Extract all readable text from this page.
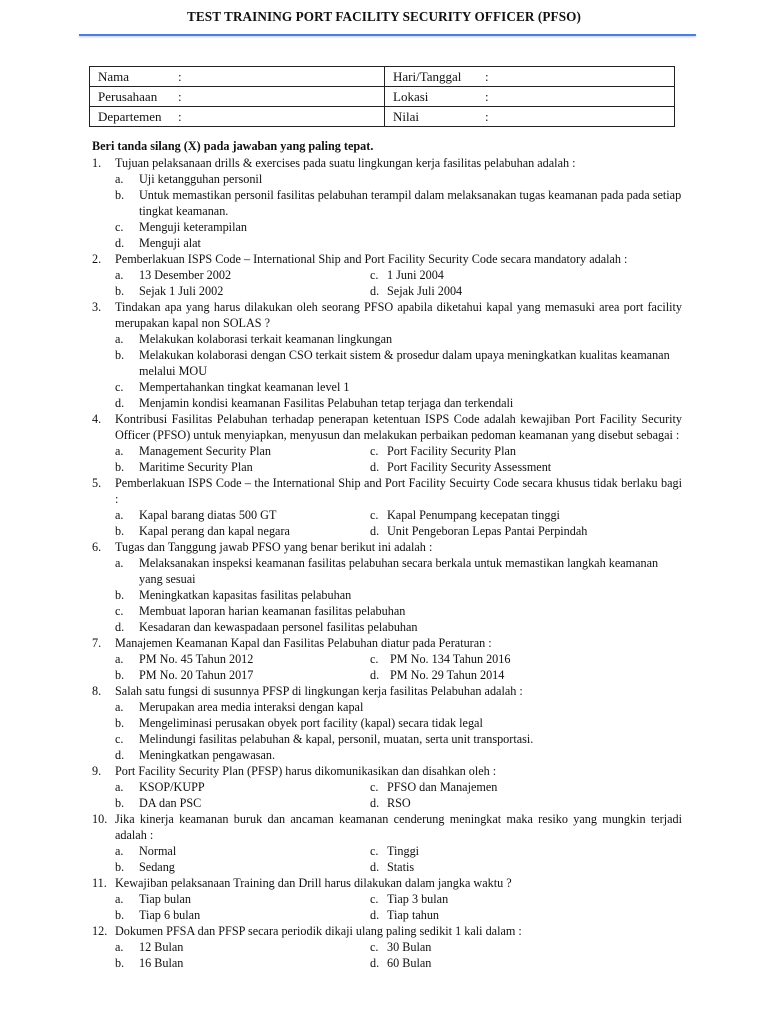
TEST TRAINING PORT FACILITY SECURITY OFFICER (PFSO)
Nama :	Hari/Tanggal :
Perusahaan :	Lokasi :
Departemen :	Nilai :
Beri tanda silang (X) pada jawaban yang paling tepat.
1. Tujuan pelaksanaan drills & exercises pada suatu lingkungan kerja fasilitas pelabuhan adalah :
a. Uji ketangguhan personil
b. Untuk memastikan personil fasilitas pelabuhan terampil dalam melaksanakan tugas keamanan pada pada setiap tingkat keamanan.
c. Menguji keterampilan
d. Menguji alat
2. Pemberlakuan ISPS Code – International Ship and Port Facility Security Code secara mandatory adalah :
a. 13 Desember 2002	c. 1 Juni 2004
b. Sejak 1 Juli 2002	d. Sejak Juli 2004
3. Tindakan apa yang harus dilakukan oleh seorang PFSO apabila diketahui kapal yang memasuki area port facility merupakan kapal non SOLAS ?
a. Melakukan kolaborasi terkait keamanan lingkungan
b. Melakukan kolaborasi dengan CSO terkait sistem & prosedur dalam upaya meningkatkan kualitas keamanan melalui MOU
c. Mempertahankan tingkat keamanan level 1
d. Menjamin kondisi keamanan Fasilitas Pelabuhan tetap terjaga dan terkendali
4. Kontribusi Fasilitas Pelabuhan terhadap penerapan ketentuan ISPS Code adalah kewajiban Port Facility Security Officer (PFSO) untuk menyiapkan, menyusun dan melakukan perbaikan pedoman keamanan yang disebut sebagai :
a. Management Security Plan	c. Port Facility Security Plan
b. Maritime Security Plan	d. Port Facility Security Assessment
5. Pemberlakuan ISPS Code – the International Ship and Port Facility Secuirty Code secara khusus tidak berlaku bagi :
a. Kapal barang diatas 500 GT	c. Kapal Penumpang kecepatan tinggi
b. Kapal perang dan kapal negara	d. Unit Pengeboran Lepas Pantai Perpindah
6. Tugas dan Tanggung jawab PFSO yang benar berikut ini adalah :
a. Melaksanakan inspeksi keamanan fasilitas pelabuhan secara berkala untuk memastikan langkah keamanan yang sesuai
b. Meningkatkan kapasitas fasilitas pelabuhan
c. Membuat laporan harian keamanan fasilitas pelabuhan
d. Kesadaran dan kewaspadaan personel fasilitas pelabuhan
7. Manajemen Keamanan Kapal dan Fasilitas Pelabuhan diatur pada Peraturan :
a. PM No. 45 Tahun 2012	c. PM No. 134 Tahun 2016
b. PM No. 20 Tahun 2017	d. PM No. 29 Tahun 2014
8. Salah satu fungsi di susunnya PFSP di lingkungan kerja fasilitas Pelabuhan adalah :
a. Merupakan area media interaksi dengan kapal
b. Mengeliminasi perusakan obyek port facility (kapal) secara tidak legal
c. Melindungi fasilitas pelabuhan & kapal, personil, muatan, serta unit transportasi.
d. Meningkatkan pengawasan.
9. Port Facility Security Plan (PFSP) harus dikomunikasikan dan disahkan oleh :
a. KSOP/KUPP	c. PFSO dan Manajemen
b. DA dan PSC	d. RSO
10. Jika kinerja keamanan buruk dan ancaman keamanan cenderung meningkat maka resiko yang mungkin terjadi adalah :
a. Normal	c. Tinggi
b. Sedang	d. Statis
11. Kewajiban pelaksanaan Training dan Drill harus dilakukan dalam jangka waktu ?
a. Tiap bulan	c. Tiap 3 bulan
b. Tiap 6 bulan	d. Tiap tahun
12. Dokumen PFSA dan PFSP secara periodik dikaji ulang paling sedikit 1 kali dalam :
a. 12 Bulan	c. 30 Bulan
b. 16 Bulan	d. 60 Bulan
